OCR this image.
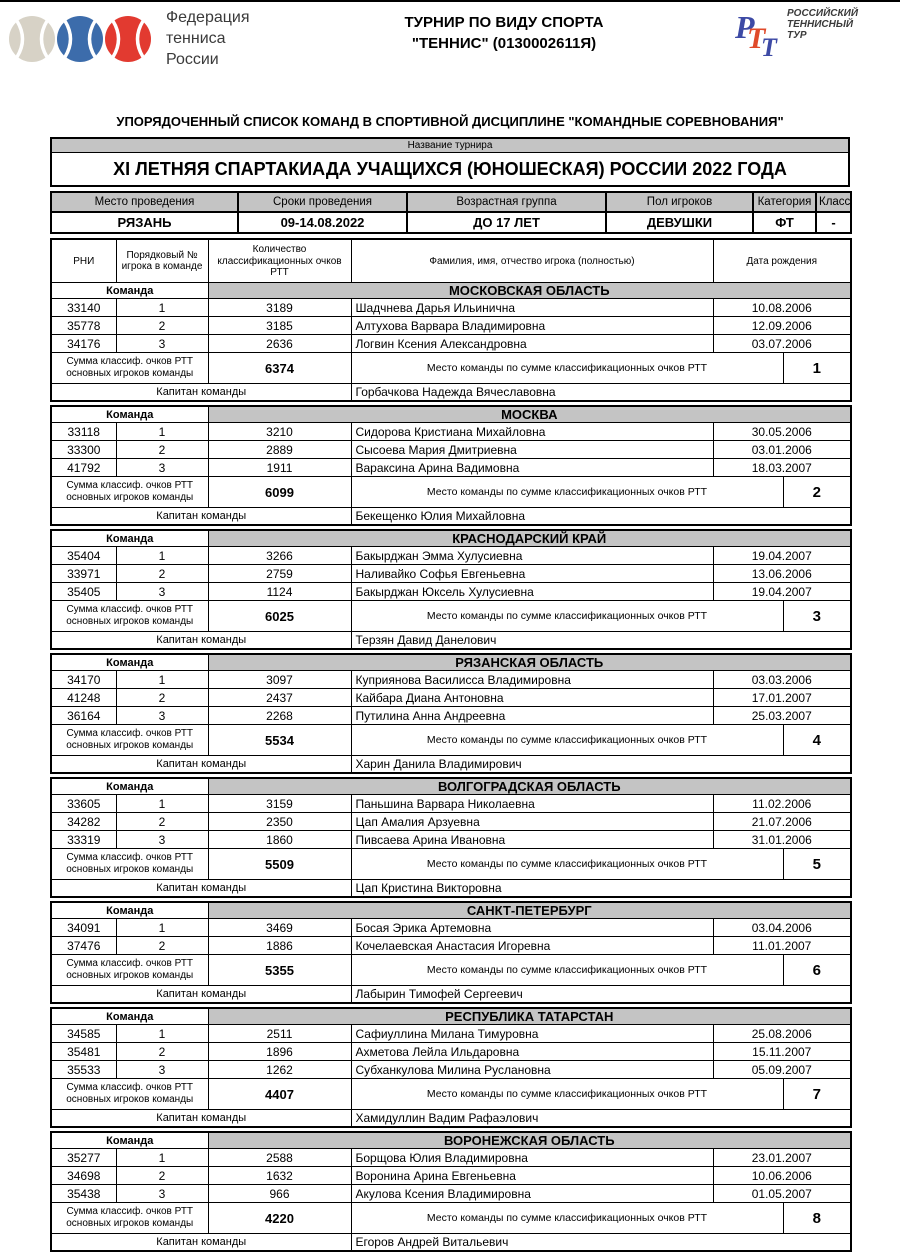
Федерация
тенниса России
ТУРНИР ПО ВИДУ СПОРТА
"ТЕННИС" (0130002611Я)	Р
Т
Т
РОССИЙСКИЙ
ТЕННИСНЫЙ
ТУР
УПОРЯДОЧЕННЫЙ СПИСОК КОМАНД В СПОРТИВНОЙ ДИСЦИПЛИНЕ "КОМАНДНЫЕ СОРЕВНОВАНИЯ"
Название турнира
XI ЛЕТНЯЯ СПАРТАКИАДА УЧАЩИХСЯ (ЮНОШЕСКАЯ) РОССИИ 2022 ГОДА
Место проведения	Сроки проведения	Возрастная группа	Пол игроков	Категория	Класс
РЯЗАНЬ	09-14.08.2022	ДО 17 ЛЕТ	ДЕВУШКИ	ФТ	-
РНИ	Порядковый № игрока в команде	Количество классификационных очков РТТ	Фамилия, имя, отчество игрока (полностью)	Дата рождения	
Команда		МОСКОВСКАЯ ОБЛАСТЬ			
33140	1	3189	Шадчнева Дарья Ильинична	10.08.2006	
35778	2	3185	Алтухова Варвара Владимировна	12.09.2006	
34176	3	2636	Логвин Ксения Александровна	03.07.2006	

Сумма классиф. очков РТТ
основных игроков команды		6374	Место команды по сумме классификационных очков РТТ		1
Капитан команды			Горбачкова Надежда Вячеславовна		
Команда		МОСКВА			
33118	1	3210	Сидорова Кристиана Михайловна	30.05.2006	
33300	2	2889	Сысоева Мария Дмитриевна	03.01.2006	
41792	3	1911	Вараксина Арина Вадимовна	18.03.2007	

Сумма классиф. очков РТТ
основных игроков команды		6099	Место команды по сумме классификационных очков РТТ		2
Капитан команды			Бекещенко Юлия Михайловна		
Команда		КРАСНОДАРСКИЙ КРАЙ			
35404	1	3266	Бакырджан Эмма Хулусиевна	19.04.2007	
33971	2	2759	Наливайко Софья Евгеньевна	13.06.2006	
35405	3	1124	Бакырджан Юксель Хулусиевна	19.04.2007	

Сумма классиф. очков РТТ
основных игроков команды		6025	Место команды по сумме классификационных очков РТТ		3
Капитан команды			Терзян Давид Данелович		
Команда		РЯЗАНСКАЯ ОБЛАСТЬ			
34170	1	3097	Куприянова Василисса Владимировна	03.03.2006	
41248	2	2437	Кайбара Диана Антоновна	17.01.2007	
36164	3	2268	Путилина Анна Андреевна	25.03.2007	

Сумма классиф. очков РТТ
основных игроков команды		5534	Место команды по сумме классификационных очков РТТ		4
Капитан команды			Харин Данила Владимирович		
Команда		ВОЛГОГРАДСКАЯ ОБЛАСТЬ			
33605	1	3159	Паньшина Варвара Николаевна	11.02.2006	
34282	2	2350	Цап Амалия Арзуевна	21.07.2006	
33319	3	1860	Пивсаева Арина Ивановна	31.01.2006	

Сумма классиф. очков РТТ
основных игроков команды		5509	Место команды по сумме классификационных очков РТТ		5
Капитан команды			Цап Кристина Викторовна		
Команда		САНКТ-ПЕТЕРБУРГ			
34091	1	3469	Босая Эрика Артемовна	03.04.2006	
37476	2	1886	Кочелаевская Анастасия Игоревна	11.01.2007	

Сумма классиф. очков РТТ
основных игроков команды		5355	Место команды по сумме классификационных очков РТТ		6
Капитан команды			Лабырин Тимофей Сергеевич		
Команда		РЕСПУБЛИКА ТАТАРСТАН			
34585	1	2511	Сафиуллина Милана Тимуровна	25.08.2006	
35481	2	1896	Ахметова Лейла Ильдаровна	15.11.2007	
35533	3	1262	Субханкулова Милина Руслановна	05.09.2007	

Сумма классиф. очков РТТ
основных игроков команды		4407	Место команды по сумме классификационных очков РТТ		7
Капитан команды			Хамидуллин Вадим Рафаэлович		
Команда		ВОРОНЕЖСКАЯ ОБЛАСТЬ			
35277	1	2588	Борщова Юлия Владимировна	23.01.2007	
34698	2	1632	Воронина Арина Евгеньевна	10.06.2006	
35438	3	966	Акулова Ксения Владимировна	01.05.2007	

Сумма классиф. очков РТТ
основных игроков команды		4220	Место команды по сумме классификационных очков РТТ		8
Капитан команды			Егоров Андрей Витальевич		
